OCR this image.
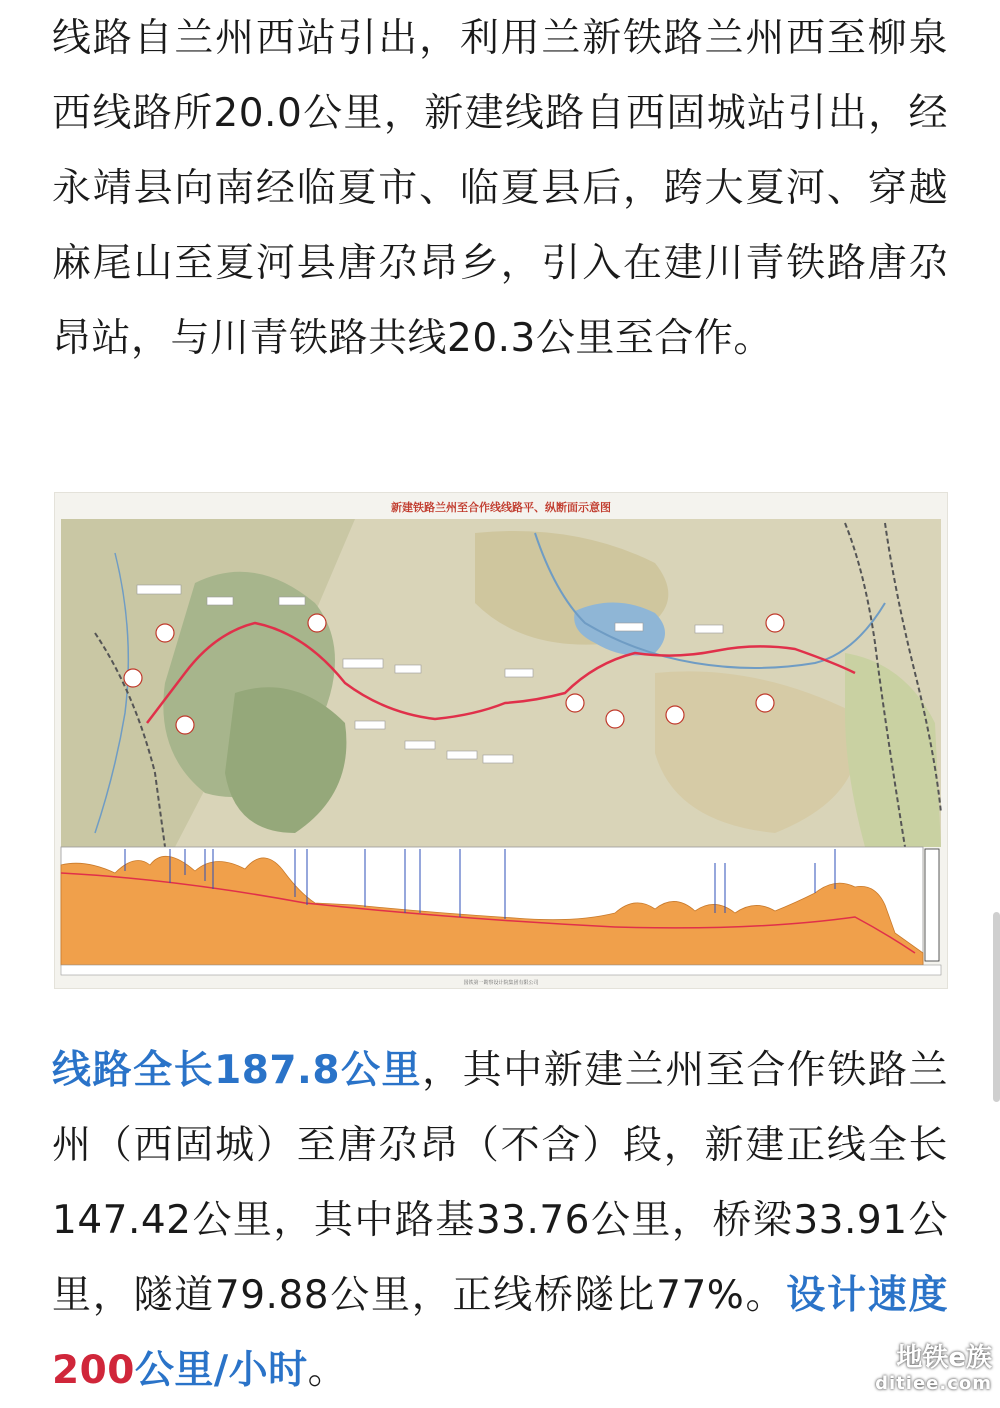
线路自兰州西站引出，利用兰新铁路兰州西至柳泉西线路所20.0公里，新建线路自西固城站引出，经永靖县向南经临夏市、临夏县后，跨大夏河、穿越麻尾山至夏河县唐尕昂乡，引入在建川青铁路唐尕昂站，与川青铁路共线20.3公里至合作。

新建铁路兰州至合作线线路平、纵断面示意图
国铁第一勘察设计院集团有限公司

线路全长187.8公里，其中新建兰州至合作铁路兰州（西固城）至唐尕昂（不含）段，新建正线全长147.42公里，其中路基33.76公里，桥梁33.91公里，隧道79.88公里，正线桥隧比77%。设计速度200公里/小时。	地铁e族
ditiee.com
